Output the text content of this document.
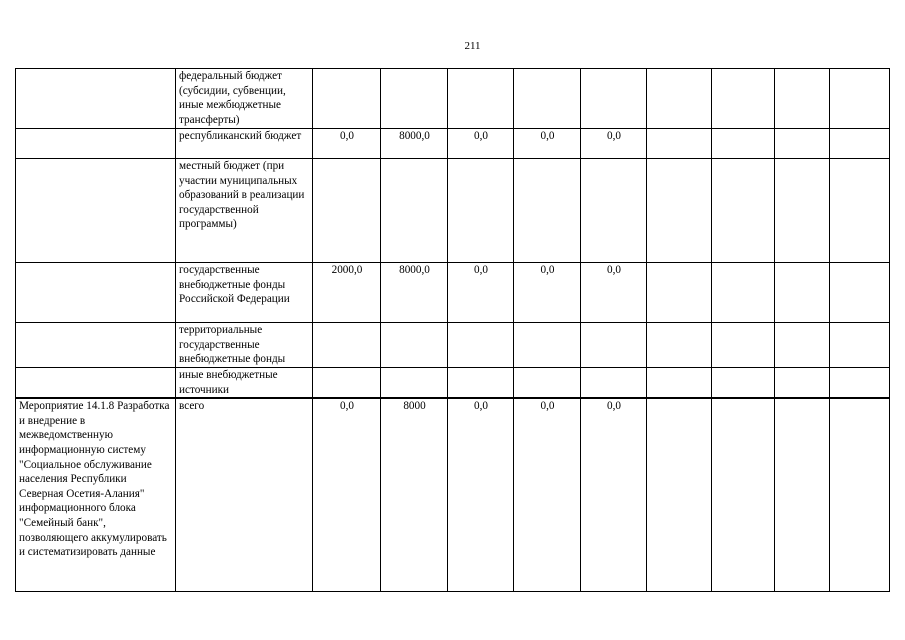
211
	федеральный бюджет (субсидии, субвенции, иные межбюджетные трансферты)									
	республиканский бюджет	0,0	8000,0	0,0	0,0	0,0				
	местный бюджет (при участии муниципальных образований в реализации государственной программы)									
	государственные внебюджетные фонды Российской Федерации	2000,0	8000,0	0,0	0,0	0,0				
	территориальные государственные внебюджетные фонды									
	иные внебюджетные источники									
Мероприятие 14.1.8 Разработка и внедрение в межведомственную информационную систему "Социальное обслуживание населения Республики Северная Осетия-Алания" информационного блока "Семейный банк", позволяющего аккумулировать и систематизировать данные	всего	0,0	8000	0,0	0,0	0,0				
